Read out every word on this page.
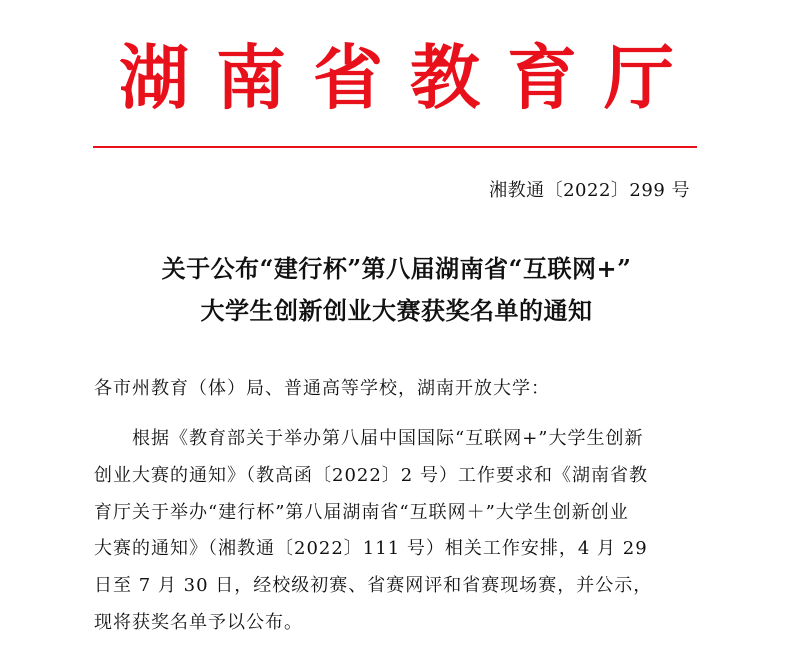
湖南省教育厅
湘教通〔2022〕299 号
关于公布“建行杯”第八届湖南省“互联网+”
大学生创新创业大赛获奖名单的通知
各市州教育（体）局、普通高等学校，湖南开放大学：
　　根据《教育部关于举办第八届中国国际“互联网+”大学生创新
创业大赛的通知》（教高函〔2022〕2 号）工作要求和《湖南省教
育厅关于举办“建行杯”第八届湖南省“互联网＋”大学生创新创业
大赛的通知》（湘教通〔2022〕111 号）相关工作安排，4 月 29
日至 7 月 30 日，经校级初赛、省赛网评和省赛现场赛，并公示，
现将获奖名单予以公布。
